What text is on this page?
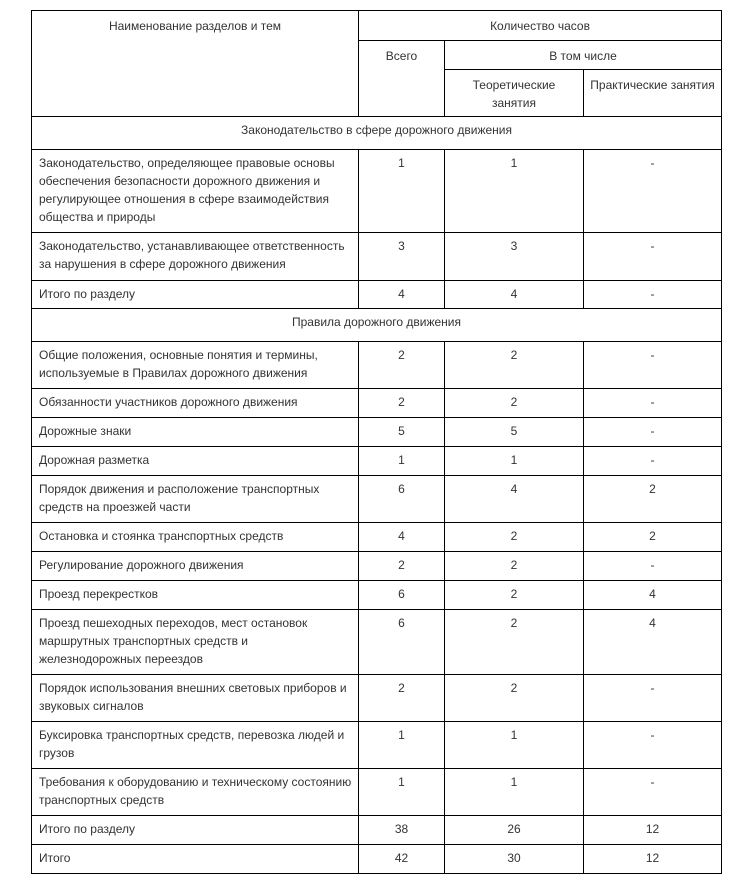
Наименование разделов и тем	Количество часов		
	Всего	В том числе	
		Теоретические занятия	Практические занятия
Законодательство в сфере дорожного движения			
Законодательство, определяющее правовые основы обеспечения безопасности дорожного движения и регулирующее отношения в сфере взаимодействия общества и природы	1	1	-
Законодательство, устанавливающее ответственность за нарушения в сфере дорожного движения	3	3	-
Итого по разделу	4	4	-
Правила дорожного движения			
Общие положения, основные понятия и термины, используемые в Правилах дорожного движения	2	2	-
Обязанности участников дорожного движения	2	2	-
Дорожные знаки	5	5	-
Дорожная разметка	1	1	-
Порядок движения и расположение транспортных средств на проезжей части	6	4	2
Остановка и стоянка транспортных средств	4	2	2
Регулирование дорожного движения	2	2	-
Проезд перекрестков	6	2	4
Проезд пешеходных переходов, мест остановок маршрутных транспортных средств и железнодорожных переездов	6	2	4
Порядок использования внешних световых приборов и звуковых сигналов	2	2	-
Буксировка транспортных средств, перевозка людей и грузов	1	1	-
Требования к оборудованию и техническому состоянию транспортных средств	1	1	-
Итого по разделу	38	26	12
Итого	42	30	12
